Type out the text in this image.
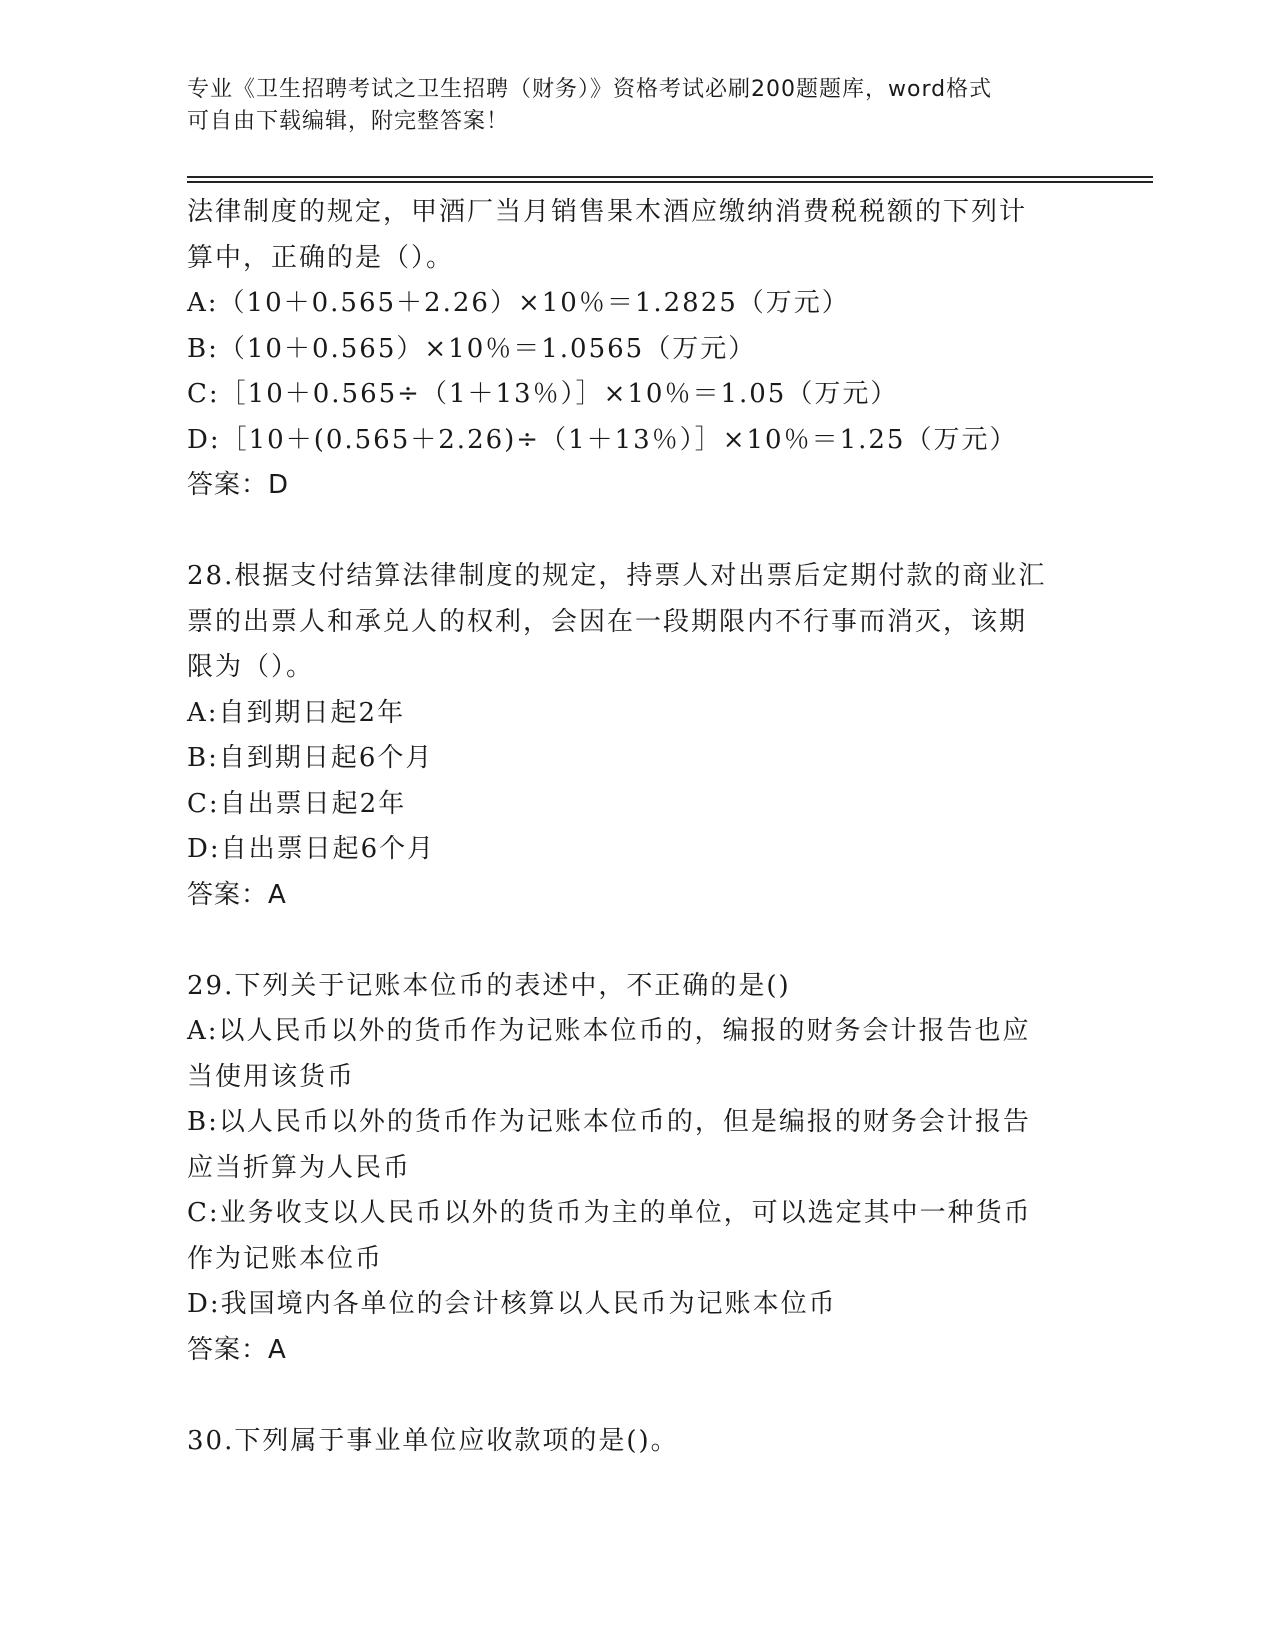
专业《卫生招聘考试之卫生招聘（财务）》资格考试必刷200题题库，word格式
可自由下载编辑，附完整答案！
法律制度的规定，甲酒厂当月销售果木酒应缴纳消费税税额的下列计
算中，正确的是（）。
A:（10＋0.565＋2.26）×10％＝1.2825（万元）
B:（10＋0.565）×10％＝1.0565（万元）
C:［10＋0.565÷（1＋13％）］×10％＝1.05（万元）
D:［10＋(0.565＋2.26)÷（1＋13％）］×10％＝1.25（万元）
答案：D
28.根据支付结算法律制度的规定，持票人对出票后定期付款的商业汇
票的出票人和承兑人的权利，会因在一段期限内不行事而消灭，该期
限为（）。
A:自到期日起2年
B:自到期日起6个月
C:自出票日起2年
D:自出票日起6个月
答案：A
29.下列关于记账本位币的表述中，不正确的是()
A:以人民币以外的货币作为记账本位币的，编报的财务会计报告也应
当使用该货币
B:以人民币以外的货币作为记账本位币的，但是编报的财务会计报告
应当折算为人民币
C:业务收支以人民币以外的货币为主的单位，可以选定其中一种货币
作为记账本位币
D:我国境内各单位的会计核算以人民币为记账本位币
答案：A
30.下列属于事业单位应收款项的是()。
